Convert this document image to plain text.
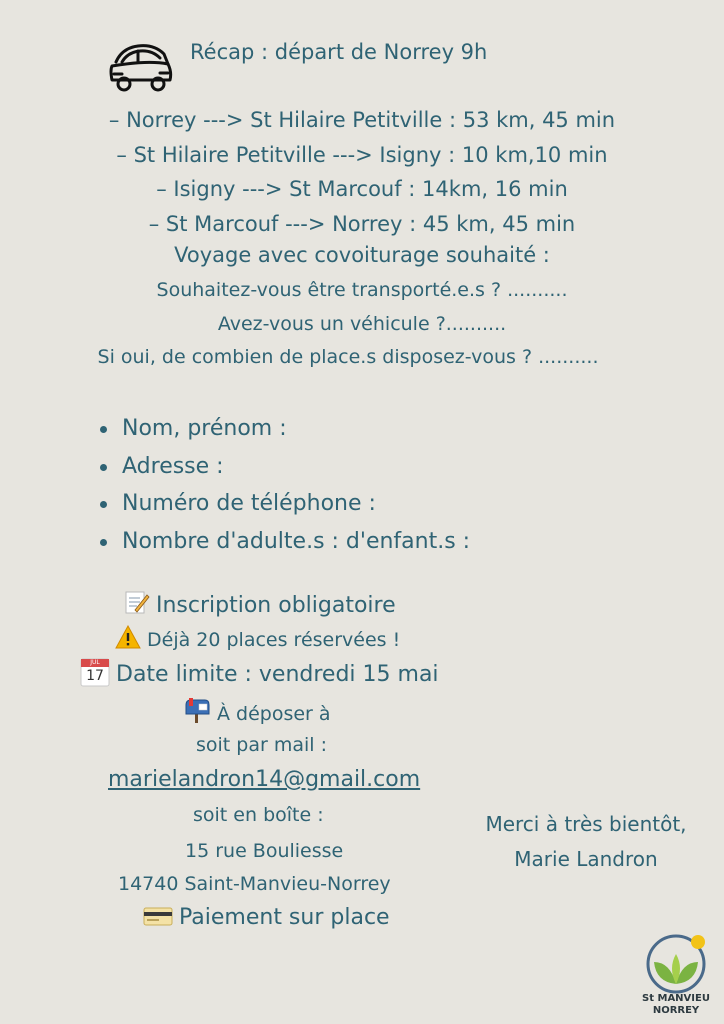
Récap : départ de Norrey 9h
– Norrey ---> St Hilaire Petitville : 53 km, 45 min
– St Hilaire Petitville ---> Isigny : 10 km,10 min
– Isigny ---> St Marcouf : 14km, 16 min
– St Marcouf ---> Norrey : 45 km, 45 min
Voyage avec covoiturage souhaité :
Souhaitez-vous être transporté.e.s ? ..........
Avez-vous un véhicule ?..........
Si oui, de combien de place.s disposez-vous ? ..........
Nom, prénom :
Adresse :
Numéro de téléphone :
Nombre d'adulte.s : d'enfant.s :
Inscription obligatoire
Déjà 20 places réservées !
JUL
17 Date limite : vendredi 15 mai
À déposer à
soit par mail :
marielandron14@gmail.com
soit en boîte :
15 rue Bouliesse
14740 Saint-Manvieu-Norrey
Paiement sur place
Merci à très bientôt,
Marie Landron
St MANVIEU
NORREY
